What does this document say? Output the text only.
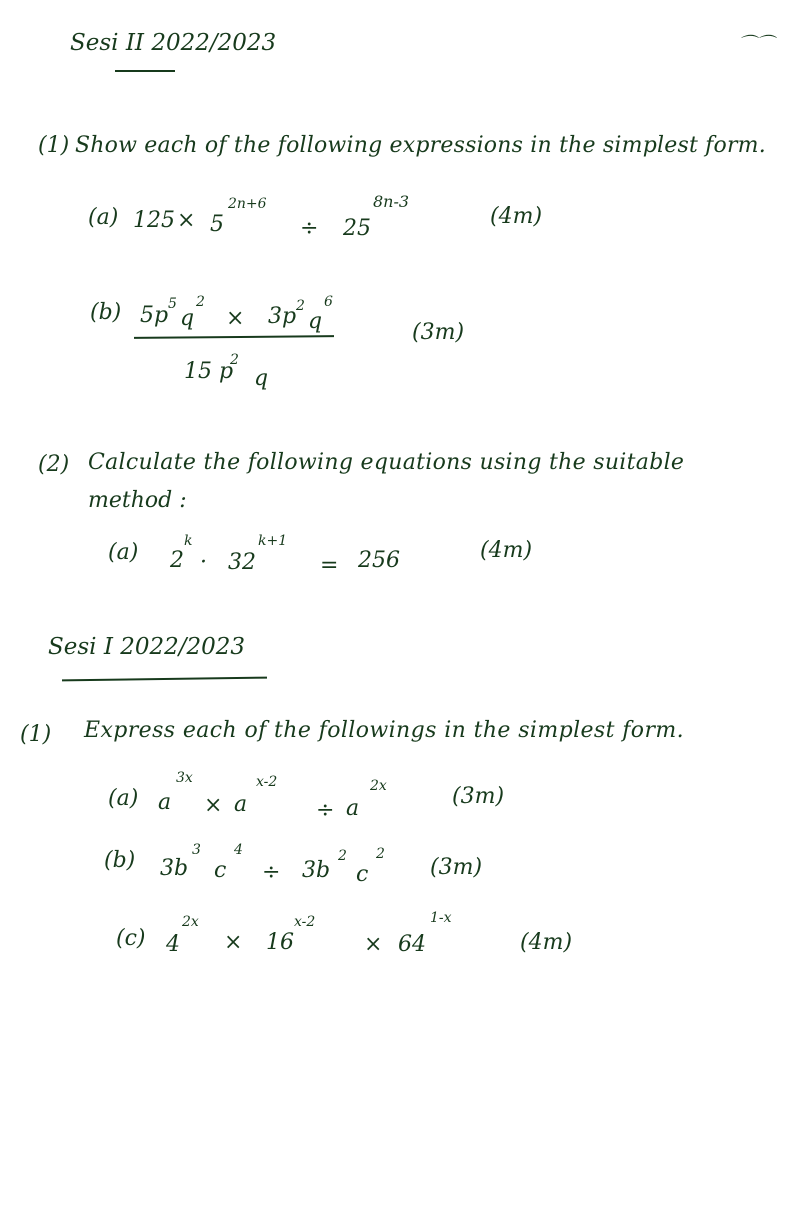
Sesi II 2022/2023	⌒⌒
(1) Show each of the following expressions in the simplest form.
(a) 125 × 5
2n+6
÷ 25
8n-3
(4m)
(b) 5p 5
q
2
× 3p 2
q
6
15 p
2
q
(3m)
(2) Calculate the following equations using the suitable
method :
(a) 2
k
· 32
k+1
= 256	(4m)
Sesi I 2022/2023
(1) Express each of the followings in the simplest form.
(a) a
3x
× a
x-2
÷ a
2x	(3m)
(b) 3b
3
c
4
÷ 3b
2
c
2
(3m)
(c) 4
2x
× 16
x-2
× 64
1-x
(4m)
